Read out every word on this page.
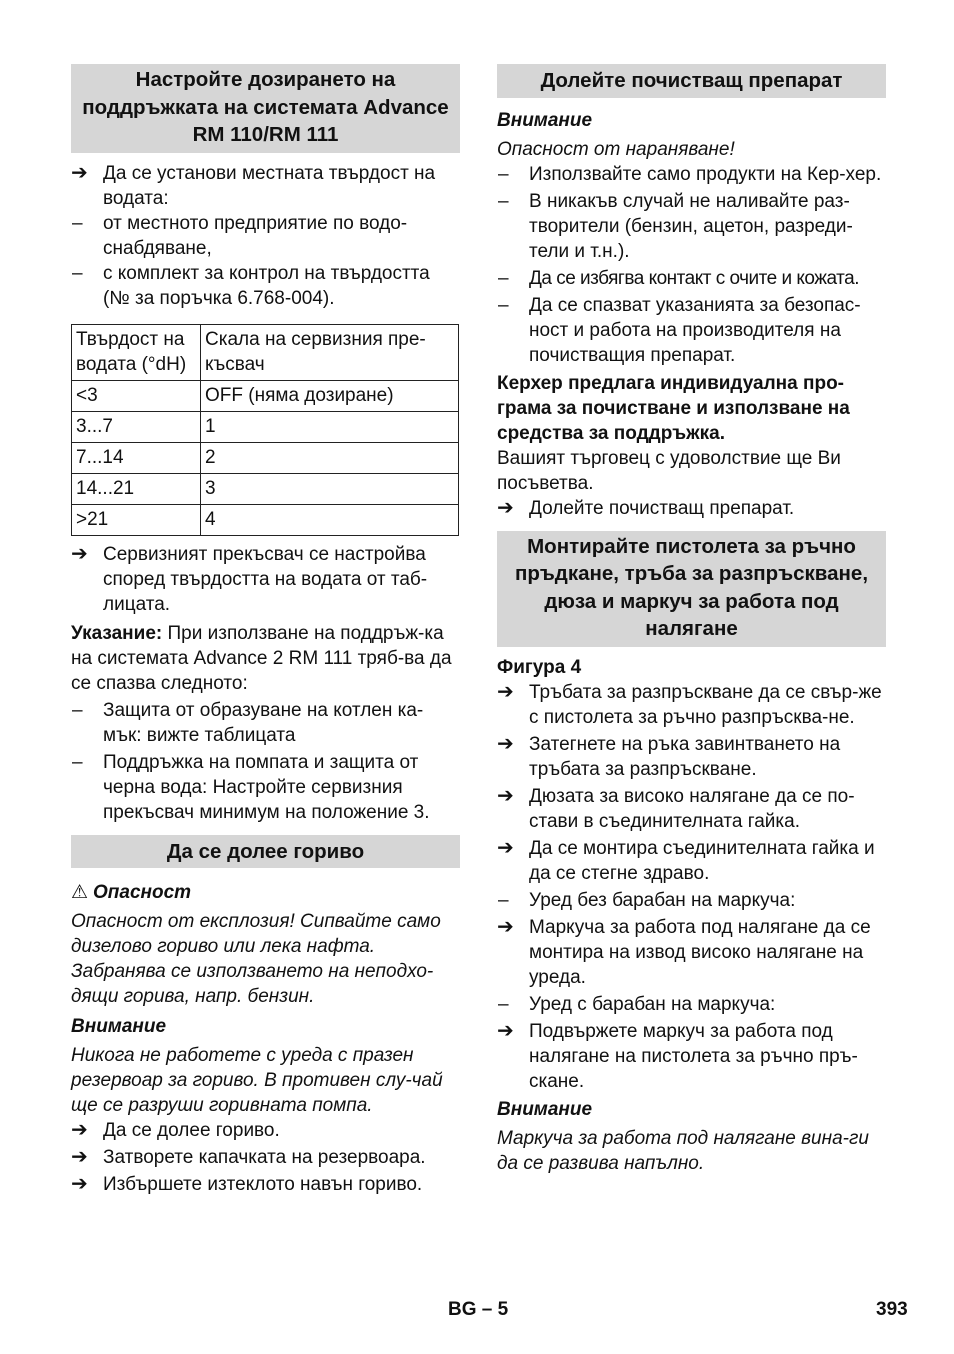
Настройте дозирането на поддръжката на системата Advance RM 110/RM 111
➔ Да се установи местната твърдост на водата:
– от местното предприятие по водо-снабдяване,
– с комплект за контрол на твърдостта (№ за поръчка 6.768-004).
Твърдост на водата (°dH)	Скала на сервизния пре-късвач
<3	OFF (няма дозиране)
3...7	1
7...14	2
14...21	3
>21	4
➔ Сервизният прекъсвач се настройва според твърдостта на водата от таб-лицата.

Указание: При използване на поддръж-ка на системата Advance 2 RM 111 тряб-ва да се спазва следното:

– Защита от образуване на котлен ка-мък: вижте таблицата
– Поддръжка на помпата и защита от черна вода: Настройте сервизния прекъсвач минимум на положение 3.
Да се долее гориво

⚠ Опасност

Опасност от експлозия! Сипвайте само дизелово гориво или лека нафта. Забранява се използването на неподхо-дящи горива, напр. бензин.

Внимание

Никога не работете с уреда с празен резервоар за гориво. В противен слу-чай ще се разруши горивната помпа.

➔ Да се долее гориво.
➔ Затворете капачката на резервоара.
➔ Избършете изтеклото навън гориво.
Долейте почистващ препарат

Внимание

Опасност от нараняване!

– Използвайте само продукти на Кер-хер.
– В никакъв случай не наливайте раз-творители (бензин, ацетон, разреди-тели и т.н.).
– Да се избягва контакт с очите и кожата.
– Да се спазват указанията за безопас-ност и работа на производителя на почистващия препарат.

Керхер предлага индивидуална про-грама за почистване и използване на средства за поддръжка.

Вашият търговец с удоволствие ще Ви посъветва.

➔ Долейте почистващ препарат.
Монтирайте пистолета за ръчно пръдкане, тръба за разпръскване, дюза и маркуч за работа под налягане

Фигура 4

➔ Тръбата за разпръскване да се свър-же с пистолета за ръчно разпръсква-не.
➔ Затегнете на ръка завинтването на тръбата за разпръскване.
➔ Дюзата за високо налягане да се по-стави в съединителната гайка.
➔ Да се монтира съединителната гайка и да се стегне здраво.
– Уред без барабан на маркуча:
➔ Маркуча за работа под налягане да се монтира на извод високо налягане на уреда.
– Уред с барабан на маркуча:
➔ Подвържете маркуч за работа под налягане на пистолета за ръчно пръ-скане.

Внимание

Маркуча за работа под налягане вина-ги да се развива напълно.

BG – 5	393
